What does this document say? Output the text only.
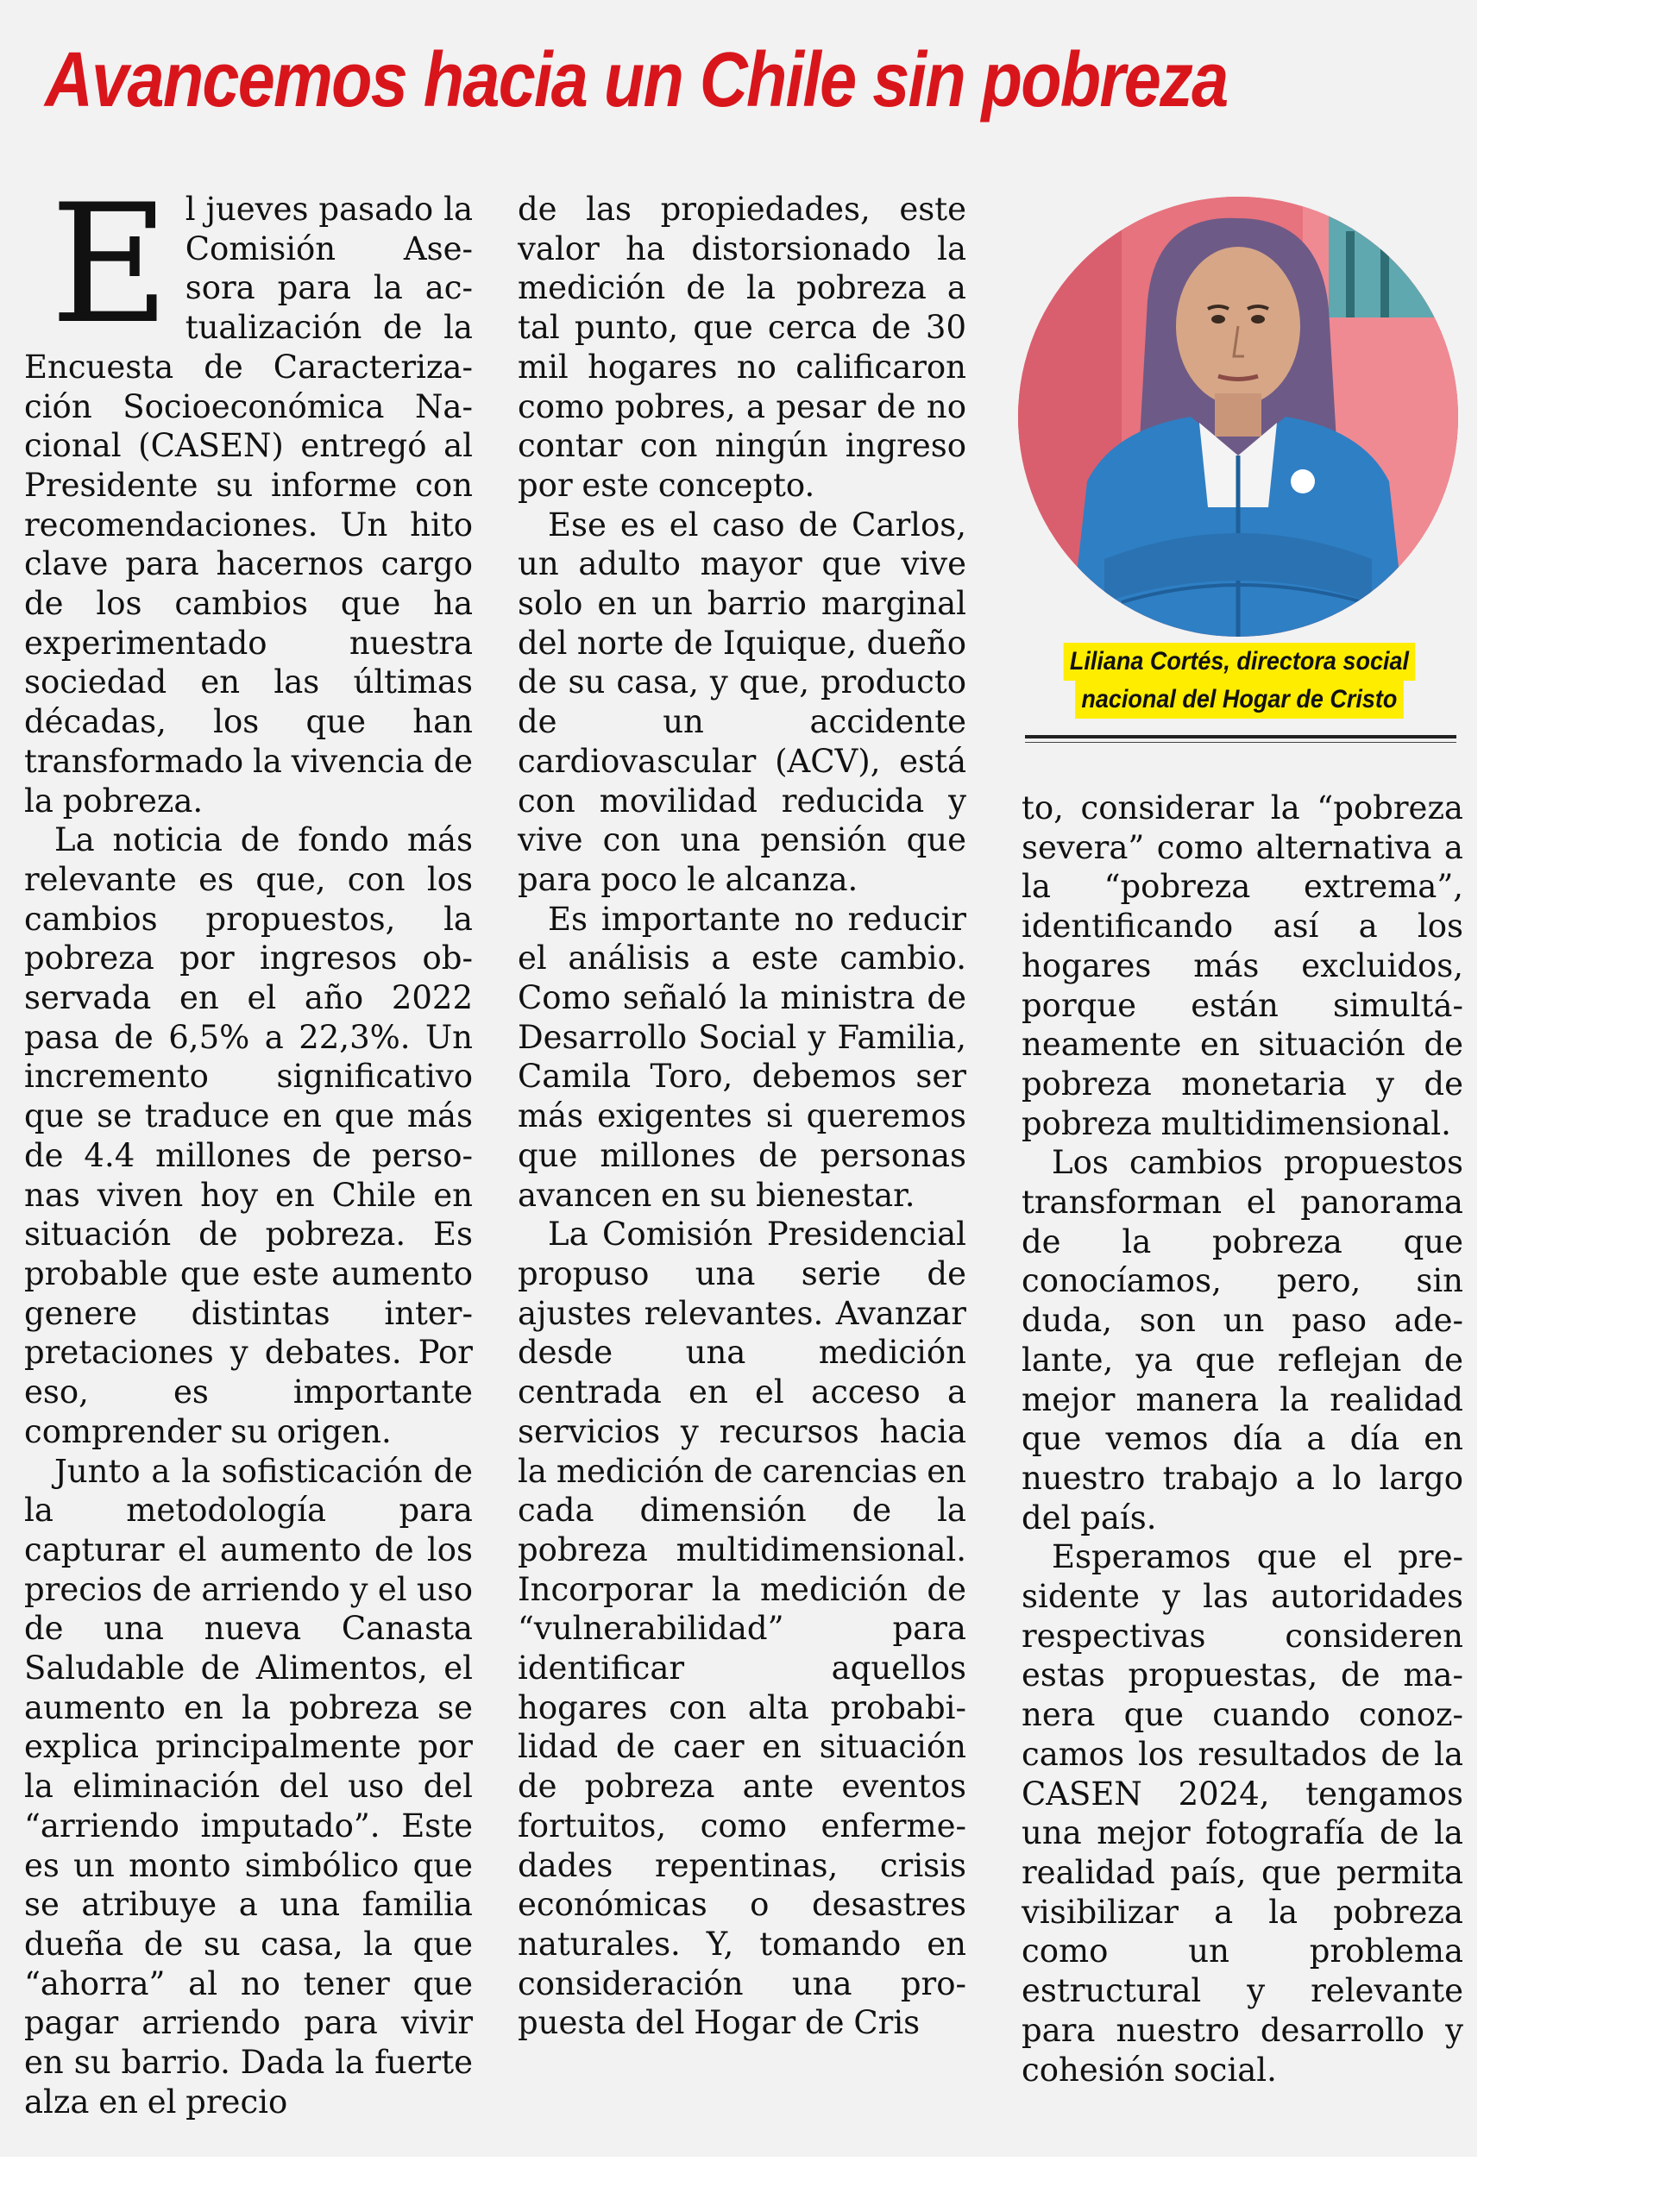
Avancemos hacia un Chile sin pobreza

El jueves pasado la Comisión Asesora para la actualización de la Encuesta de Caracterización Socioeconómica Nacional (CASEN) entregó al Presidente su informe con recomendaciones. Un hito clave para hacernos cargo de los cambios que ha experimentado nuestra sociedad en las últimas décadas, los que han transformado la vivencia de la pobreza.

La noticia de fondo más relevante es que, con los cambios propuestos, la pobreza por ingresos observada en el año 2022 pasa de 6,5% a 22,3%. Un incremento significativo que se traduce en que más de 4.4 millones de personas viven hoy en Chile en situación de pobreza. Es probable que este aumento genere distintas interpretaciones y debates. Por eso, es importante comprender su origen.

Junto a la sofisticación de la metodología para capturar el aumento de los precios de arriendo y el uso de una nueva Canasta Saludable de Alimentos, el aumento en la pobreza se explica principalmente por la eliminación del uso del “arriendo imputado”. Este es un monto simbólico que se atribuye a una familia dueña de su casa, la que “ahorra” al no tener que pagar arriendo para vivir en su barrio. Dada la fuerte alza en el precio

de las propiedades, este valor ha distorsionado la medición de la pobreza a tal punto, que cerca de 30 mil hogares no calificaron como pobres, a pesar de no contar con ningún ingreso por este concepto.

Ese es el caso de Carlos, un adulto mayor que vive solo en un barrio marginal del norte de Iquique, dueño de su casa, y que, producto de un accidente cardiovascular (ACV), está con movilidad reducida y vive con una pensión que para poco le alcanza.

Es importante no reducir el análisis a este cambio. Como señaló la ministra de Desarrollo Social y Familia, Camila Toro, debemos ser más exigentes si queremos que millones de personas avancen en su bienestar.

La Comisión Presidencial propuso una serie de ajustes relevantes. Avanzar desde una medición centrada en el acceso a servicios y recursos hacia la medición de carencias en cada dimensión de la pobreza multidimensional. Incorporar la medición de “vulnerabilidad” para identificar aquellos hogares con alta probabilidad de caer en situación de pobreza ante eventos fortuitos, como enfermedades repentinas, crisis económicas o desastres naturales. Y, tomando en consideración una propuesta del Hogar de Cris

Liliana Cortés, directora social
nacional del Hogar de Cristo

to, considerar la “pobreza severa” como alternativa a la “pobreza extrema”, identificando así a los hogares más excluidos, porque están simultáneamente en situación de pobreza monetaria y de pobreza multidimensional.

Los cambios propuestos transforman el panorama de la pobreza que conocíamos, pero, sin duda, son un paso adelante, ya que reflejan de mejor manera la realidad que vemos día a día en nuestro trabajo a lo largo del país.

Esperamos que el presidente y las autoridades respectivas consideren estas propuestas, de manera que cuando conozcamos los resultados de la CASEN 2024, tengamos una mejor fotografía de la realidad país, que permita visibilizar a la pobreza como un problema estructural y relevante para nuestro desarrollo y cohesión social.
